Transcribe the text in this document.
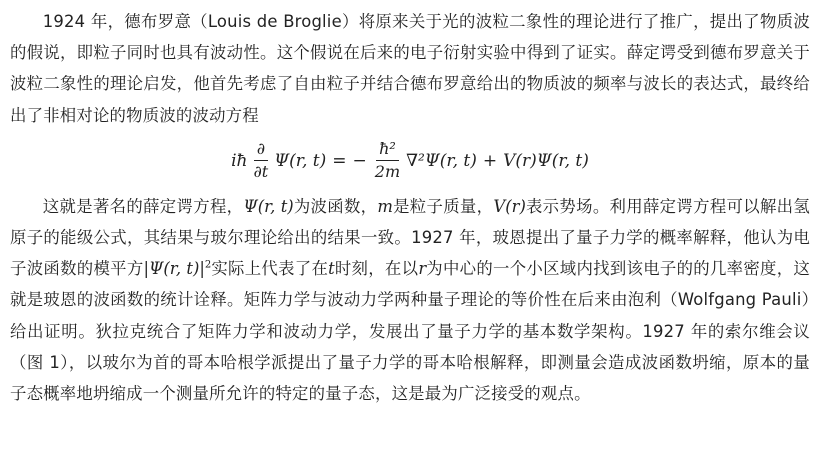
1924 年，德布罗意（Louis de Broglie）将原来关于光的波粒二象性的理论进行了推广，提出了物质波的假说，即粒子同时也具有波动性。这个假说在后来的电子衍射实验中得到了证实。薛定谔受到德布罗意关于波粒二象性的理论启发，他首先考虑了自由粒子并结合德布罗意给出的物质波的频率与波长的表达式，最终给出了非相对论的物质波的波动方程

iħ $\frac{\partial}{\partial t} \Psi(r$, t) = − $\frac{\text{ħ²}}{2m} \nabla^2\Psi(r$, t) + V(r)Ψ(r, t)

这就是著名的薛定谔方程，Ψ(r, t)为波函数，m是粒子质量，V(r)表示势场。利用薛定谔方程可以解出氢原子的能级公式，其结果与玻尔理论给出的结果一致。1927 年，玻恩提出了量子力学的概率解释，他认为电子波函数的模平方|Ψ(r, $t)|^2$实际上代表了在t时刻，在以r为中心的一个小区域内找到该电子的的几率密度，这就是玻恩的波函数的统计诠释。矩阵力学与波动力学两种量子理论的等价性在后来由泡利（Wolfgang Pauli）给出证明。狄拉克统合了矩阵力学和波动力学，发展出了量子力学的基本数学架构。1927 年的索尔维会议（图 1），以玻尔为首的哥本哈根学派提出了量子力学的哥本哈根解释，即测量会造成波函数坍缩，原本的量子态概率地坍缩成一个测量所允许的特定的量子态，这是最为广泛接受的观点。
